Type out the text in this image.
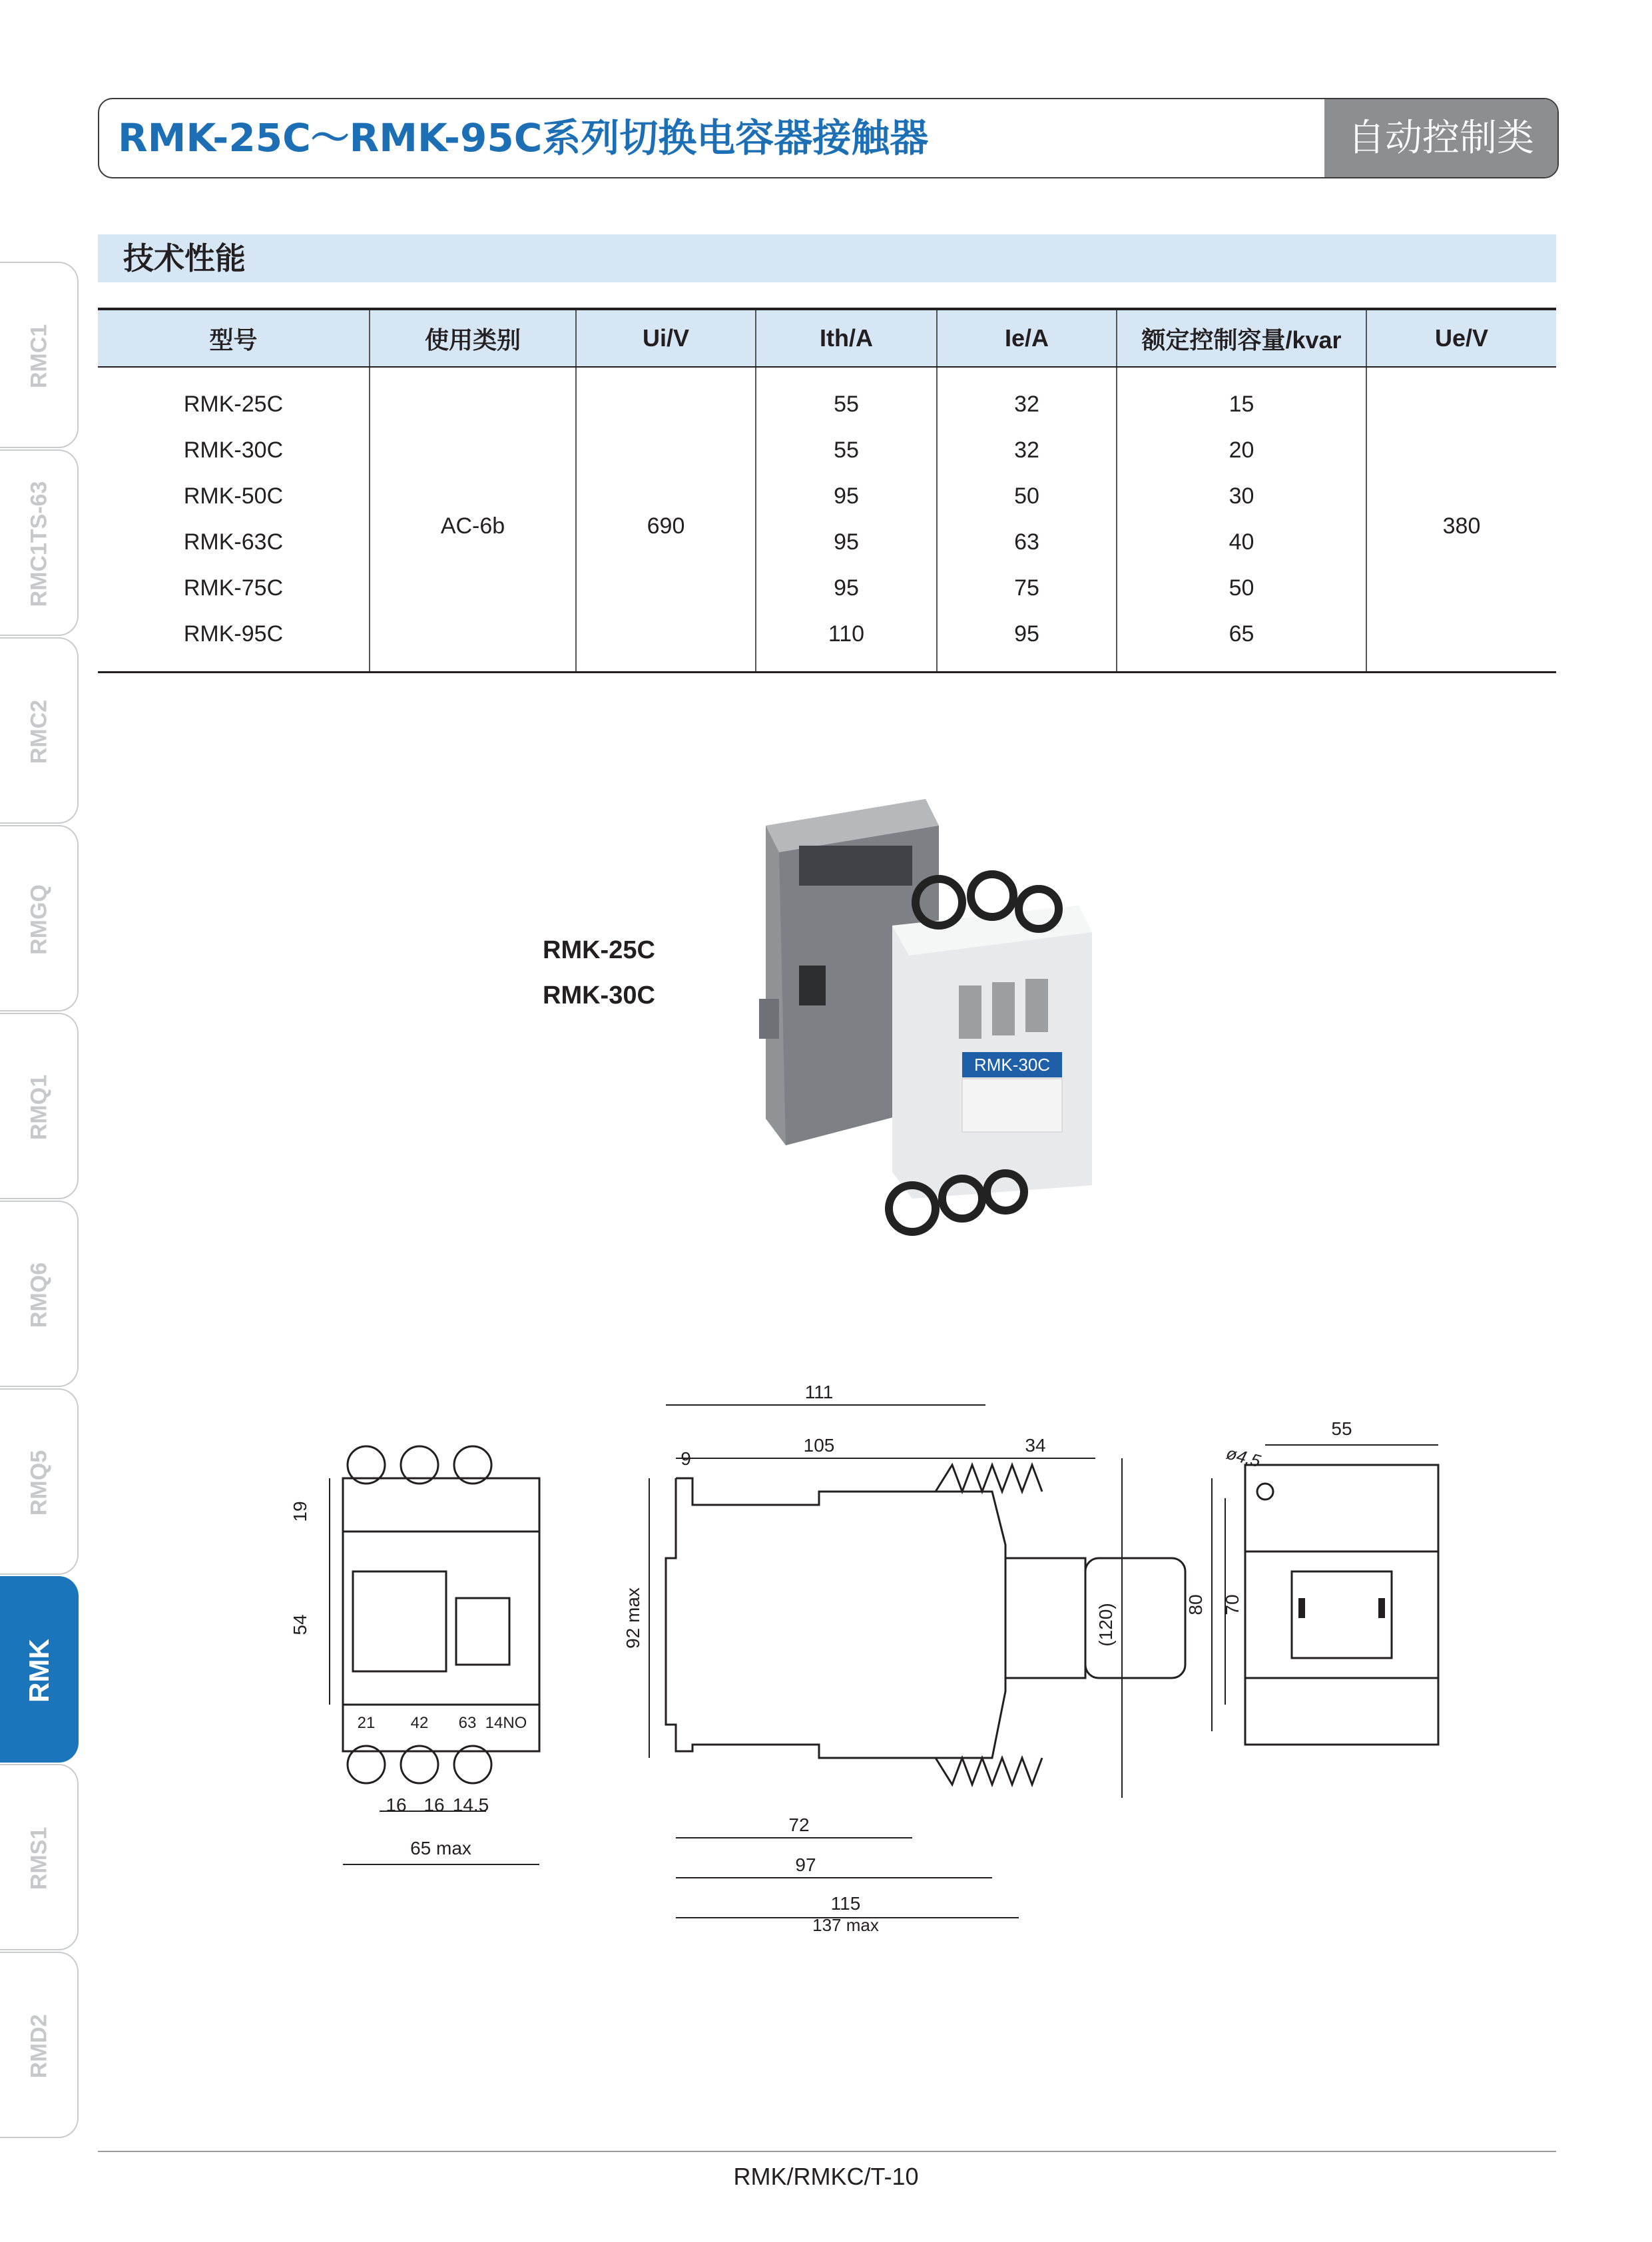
RMK-25C～RMK-95C系列切换电容器接触器	自动控制类
RMC1
RMC1TS-63
RMC2
RMGQ
RMQ1
RMQ6
RMQ5
RMK
RMS1
RMD2
技术性能
型号	使用类别	Ui/V	Ith/A	Ie/A	额定控制容量/kvar	Ue/V
RMK-25C	AC-6b	690	55	32	15	380
RMK-30C			55	32	20	
RMK-50C			95	50	30	
RMK-63C			95	63	40	
RMK-75C			95	75	50	
RMK-95C			110	95	65	
RMK-25C
RMK-30C
RMK-30C
19
54
16 16 14.5
65 max
21 42 63 14NO
111
105	34
9
92 max	(120)
72
97
115
137 max
ø4.5
55
80 70
RMK/RMKC/T-10
